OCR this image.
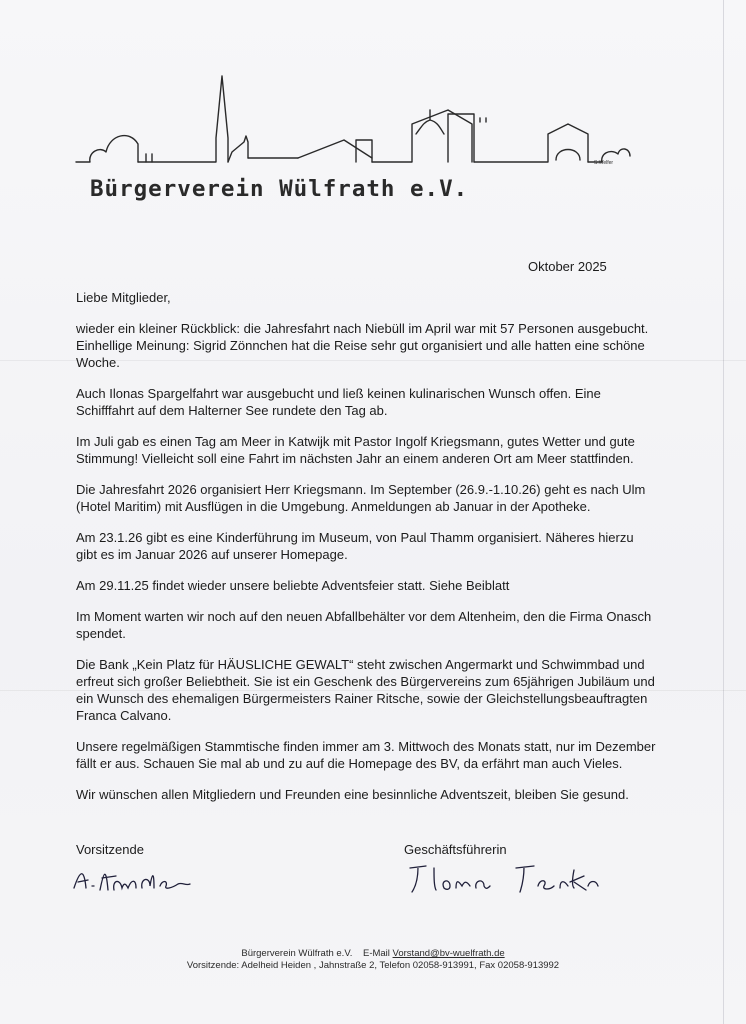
S.Welfer
Bürgerverein Wülfrath e.V.
Oktober 2025

Liebe Mitglieder,

wieder ein kleiner Rückblick: die Jahresfahrt nach Niebüll im April war mit 57 Personen ausgebucht. Einhellige Meinung: Sigrid Zönnchen hat die Reise sehr gut organisiert und alle hatten eine schöne Woche.

Auch Ilonas Spargelfahrt war ausgebucht und ließ keinen kulinarischen Wunsch offen. Eine Schifffahrt auf dem Halterner See rundete den Tag ab.

Im Juli gab es einen Tag am Meer in Katwijk mit Pastor Ingolf Kriegsmann, gutes Wetter und gute Stimmung! Vielleicht soll eine Fahrt im nächsten Jahr an einem anderen Ort am Meer stattfinden.

Die Jahresfahrt 2026 organisiert Herr Kriegsmann. Im September (26.9.-1.10.26) geht es nach Ulm (Hotel Maritim) mit Ausflügen in die Umgebung. Anmeldungen ab Januar in der Apotheke.

Am 23.1.26 gibt es eine Kinderführung im Museum, von Paul Thamm organisiert. Näheres hierzu gibt es im Januar 2026 auf unserer Homepage.

Am 29.11.25 findet wieder unsere beliebte Adventsfeier statt. Siehe Beiblatt

Im Moment warten wir noch auf den neuen Abfallbehälter vor dem Altenheim, den die Firma Onasch spendet.

Die Bank „Kein Platz für HÄUSLICHE GEWALT“ steht zwischen Angermarkt und Schwimmbad und erfreut sich großer Beliebtheit. Sie ist ein Geschenk des Bürgervereins zum 65jährigen Jubiläum und ein Wunsch des ehemaligen Bürgermeisters Rainer Ritsche, sowie der Gleichstellungsbeauftragten Franca Calvano.

Unsere regelmäßigen Stammtische finden immer am 3. Mittwoch des Monats statt, nur im Dezember fällt er aus. Schauen Sie mal ab und zu auf die Homepage des BV, da erfährt man auch Vieles.

Wir wünschen allen Mitgliedern und Freunden eine besinnliche Adventszeit, bleiben Sie gesund.

Vorsitzende	Geschäftsführerin
Bürgerverein Wülfrath e.V.    E-Mail Vorstand@bv-wuelfrath.de
Vorsitzende: Adelheid Heiden , Jahnstraße 2, Telefon 02058-913991, Fax 02058-913992
